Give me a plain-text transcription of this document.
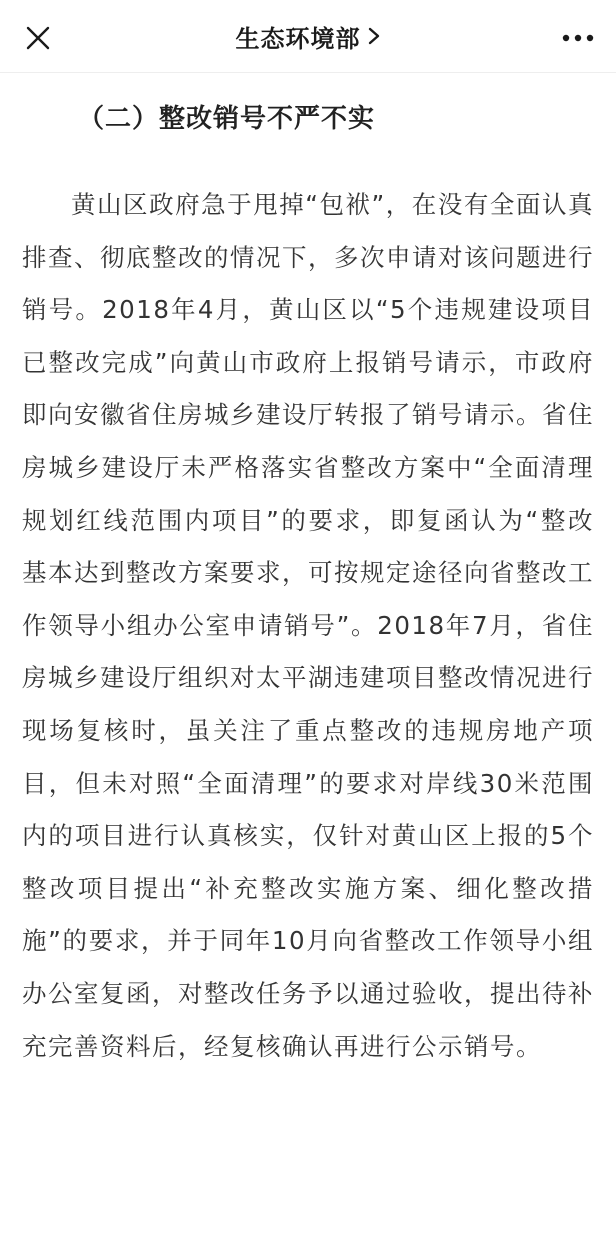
生态环境部
（二）整改销号不严不实

黄山区政府急于甩掉“包袱”，在没有全面认真排查、彻底整改的情况下，多次申请对该问题进行销号。2018年4月，黄山区以“5个违规建设项目已整改完成”向黄山市政府上报销号请示，市政府即向安徽省住房城乡建设厅转报了销号请示。省住房城乡建设厅未严格落实省整改方案中“全面清理规划红线范围内项目”的要求，即复函认为“整改基本达到整改方案要求，可按规定途径向省整改工作领导小组办公室申请销号”。2018年7月，省住房城乡建设厅组织对太平湖违建项目整改情况进行现场复核时，虽关注了重点整改的违规房地产项目，但未对照“全面清理”的要求对岸线30米范围内的项目进行认真核实，仅针对黄山区上报的5个整改项目提出“补充整改实施方案、细化整改措施”的要求，并于同年10月向省整改工作领导小组办公室复函，对整改任务予以通过验收，提出待补充完善资料后，经复核确认再进行公示销号。
